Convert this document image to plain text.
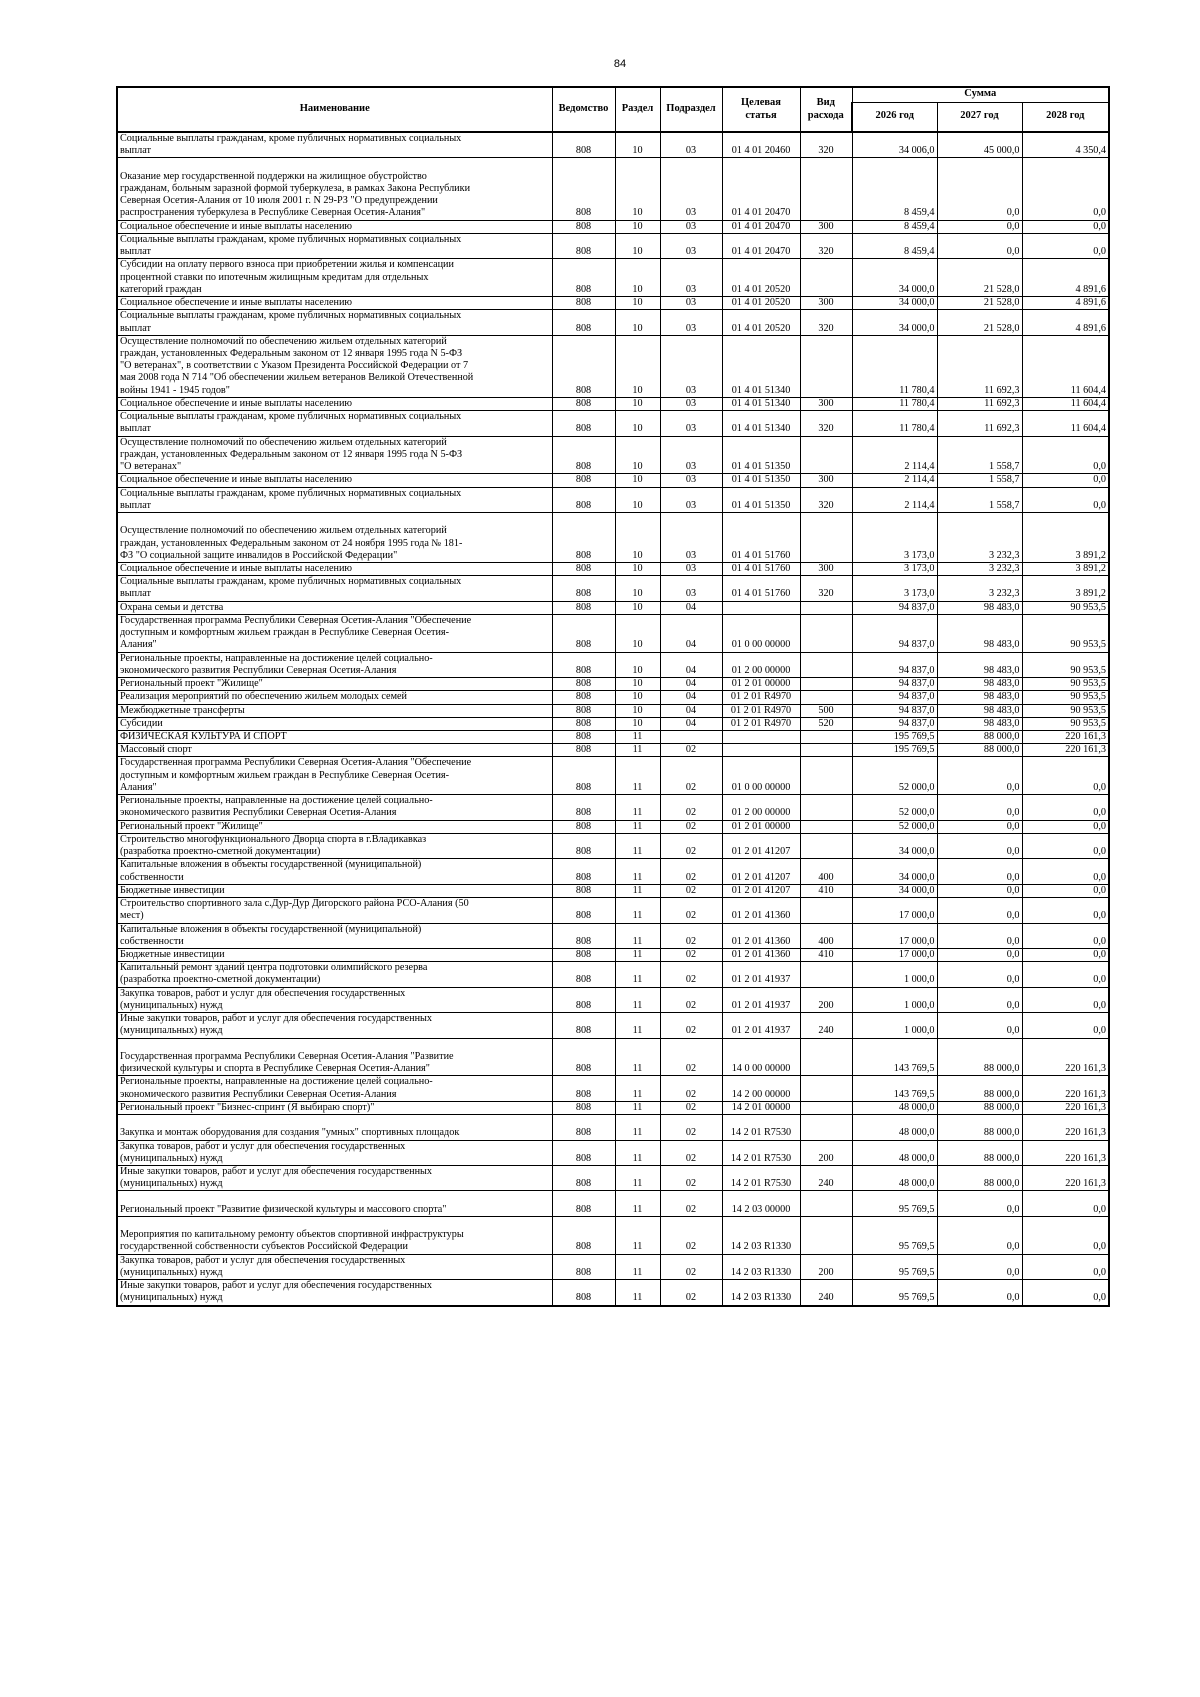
84
Наименование	Ведомство	Раздел	Подраздел	Целевая статья	Вид расхода	Сумма		
						2026 год	2027 год	2028 год
Социальные выплаты гражданам, кроме публичных нормативных социальных
выплат	808	10	03	01 4 01 20460	320	34 006,0	45 000,0	4 350,4

Оказание мер государственной поддержки на жилищное обустройство
гражданам, больным заразной формой туберкулеза, в рамках Закона Республики
Северная Осетия-Алания от 10 июля 2001 г. N 29-РЗ "О предупреждении
распространения туберкулеза в Республике Северная Осетия-Алания"	808	10	03	01 4 01 20470		8 459,4	0,0	0,0
Социальное обеспечение и иные выплаты населению	808	10	03	01 4 01 20470	300	8 459,4	0,0	0,0
Социальные выплаты гражданам, кроме публичных нормативных социальных
выплат	808	10	03	01 4 01 20470	320	8 459,4	0,0	0,0
Субсидии на оплату первого взноса при приобретении жилья и компенсации
процентной ставки по ипотечным жилищным кредитам для отдельных
категорий граждан	808	10	03	01 4 01 20520		34 000,0	21 528,0	4 891,6
Социальное обеспечение и иные выплаты населению	808	10	03	01 4 01 20520	300	34 000,0	21 528,0	4 891,6
Социальные выплаты гражданам, кроме публичных нормативных социальных
выплат	808	10	03	01 4 01 20520	320	34 000,0	21 528,0	4 891,6
Осуществление полномочий по обеспечению жильем отдельных категорий
граждан, установленных Федеральным законом от 12 января 1995 года N 5-ФЗ
"О ветеранах", в соответствии с Указом Президента Российской Федерации от 7
мая 2008 года N 714 "Об обеспечении жильем ветеранов Великой Отечественной
войны 1941 - 1945 годов"	808	10	03	01 4 01 51340		11 780,4	11 692,3	11 604,4
Социальное обеспечение и иные выплаты населению	808	10	03	01 4 01 51340	300	11 780,4	11 692,3	11 604,4
Социальные выплаты гражданам, кроме публичных нормативных социальных
выплат	808	10	03	01 4 01 51340	320	11 780,4	11 692,3	11 604,4
Осуществление полномочий по обеспечению жильем отдельных категорий
граждан, установленных Федеральным законом от 12 января 1995 года N 5-ФЗ
"О ветеранах"	808	10	03	01 4 01 51350		2 114,4	1 558,7	0,0
Социальное обеспечение и иные выплаты населению	808	10	03	01 4 01 51350	300	2 114,4	1 558,7	0,0
Социальные выплаты гражданам, кроме публичных нормативных социальных
выплат	808	10	03	01 4 01 51350	320	2 114,4	1 558,7	0,0

Осуществление полномочий по обеспечению жильем отдельных категорий
граждан, установленных Федеральным законом от 24 ноября 1995 года № 181-
ФЗ "О социальной защите инвалидов в Российской Федерации"	808	10	03	01 4 01 51760		3 173,0	3 232,3	3 891,2
Социальное обеспечение и иные выплаты населению	808	10	03	01 4 01 51760	300	3 173,0	3 232,3	3 891,2
Социальные выплаты гражданам, кроме публичных нормативных социальных
выплат	808	10	03	01 4 01 51760	320	3 173,0	3 232,3	3 891,2
Охрана семьи и детства	808	10	04			94 837,0	98 483,0	90 953,5
Государственная программа Республики Северная Осетия-Алания "Обеспечение
доступным и комфортным жильем граждан в Республике Северная Осетия-
Алания"	808	10	04	01 0 00 00000		94 837,0	98 483,0	90 953,5
Региональные проекты, направленные на достижение целей социально-
экономического развития Республики Северная Осетия-Алания	808	10	04	01 2 00 00000		94 837,0	98 483,0	90 953,5
Региональный проект "Жилище"	808	10	04	01 2 01 00000		94 837,0	98 483,0	90 953,5
Реализация мероприятий по обеспечению жильем молодых семей	808	10	04	01 2 01 R4970		94 837,0	98 483,0	90 953,5
Межбюджетные трансферты	808	10	04	01 2 01 R4970	500	94 837,0	98 483,0	90 953,5
Субсидии	808	10	04	01 2 01 R4970	520	94 837,0	98 483,0	90 953,5
ФИЗИЧЕСКАЯ КУЛЬТУРА И СПОРТ	808	11				195 769,5	88 000,0	220 161,3
Массовый спорт	808	11	02			195 769,5	88 000,0	220 161,3
Государственная программа Республики Северная Осетия-Алания "Обеспечение
доступным и комфортным жильем граждан в Республике Северная Осетия-
Алания"	808	11	02	01 0 00 00000		52 000,0	0,0	0,0
Региональные проекты, направленные на достижение целей социально-
экономического развития Республики Северная Осетия-Алания	808	11	02	01 2 00 00000		52 000,0	0,0	0,0
Региональный проект "Жилище"	808	11	02	01 2 01 00000		52 000,0	0,0	0,0
Строительство многофункционального Дворца спорта в г.Владикавказ
(разработка проектно-сметной документации)	808	11	02	01 2 01 41207		34 000,0	0,0	0,0
Капитальные вложения в объекты государственной (муниципальной)
собственности	808	11	02	01 2 01 41207	400	34 000,0	0,0	0,0
Бюджетные инвестиции	808	11	02	01 2 01 41207	410	34 000,0	0,0	0,0
Строительство спортивного зала с.Дур-Дур Дигорского района РСО-Алания (50
мест)	808	11	02	01 2 01 41360		17 000,0	0,0	0,0
Капитальные вложения в объекты государственной (муниципальной)
собственности	808	11	02	01 2 01 41360	400	17 000,0	0,0	0,0
Бюджетные инвестиции	808	11	02	01 2 01 41360	410	17 000,0	0,0	0,0
Капитальный ремонт зданий центра подготовки олимпийского резерва
(разработка проектно-сметной документации)	808	11	02	01 2 01 41937		1 000,0	0,0	0,0
Закупка товаров, работ и услуг для обеспечения государственных
(муниципальных) нужд	808	11	02	01 2 01 41937	200	1 000,0	0,0	0,0
Иные закупки товаров, работ и услуг для обеспечения государственных
(муниципальных) нужд	808	11	02	01 2 01 41937	240	1 000,0	0,0	0,0

Государственная программа Республики Северная Осетия-Алания "Развитие
физической культуры и спорта в Республике Северная Осетия-Алания"	808	11	02	14 0 00 00000		143 769,5	88 000,0	220 161,3
Региональные проекты, направленные на достижение целей социально-
экономического развития Республики Северная Осетия-Алания	808	11	02	14 2 00 00000		143 769,5	88 000,0	220 161,3
Региональный проект "Бизнес-спринт (Я выбираю спорт)"	808	11	02	14 2 01 00000		48 000,0	88 000,0	220 161,3

Закупка и монтаж оборудования для создания "умных" спортивных площадок	808	11	02	14 2 01 R7530		48 000,0	88 000,0	220 161,3
Закупка товаров, работ и услуг для обеспечения государственных
(муниципальных) нужд	808	11	02	14 2 01 R7530	200	48 000,0	88 000,0	220 161,3
Иные закупки товаров, работ и услуг для обеспечения государственных
(муниципальных) нужд	808	11	02	14 2 01 R7530	240	48 000,0	88 000,0	220 161,3

Региональный проект "Развитие физической культуры и массового спорта"	808	11	02	14 2 03 00000		95 769,5	0,0	0,0

Мероприятия по капитальному ремонту объектов спортивной инфраструктуры
государственной собственности субъектов Российской Федерации	808	11	02	14 2 03 R1330		95 769,5	0,0	0,0
Закупка товаров, работ и услуг для обеспечения государственных
(муниципальных) нужд	808	11	02	14 2 03 R1330	200	95 769,5	0,0	0,0
Иные закупки товаров, работ и услуг для обеспечения государственных
(муниципальных) нужд	808	11	02	14 2 03 R1330	240	95 769,5	0,0	0,0
